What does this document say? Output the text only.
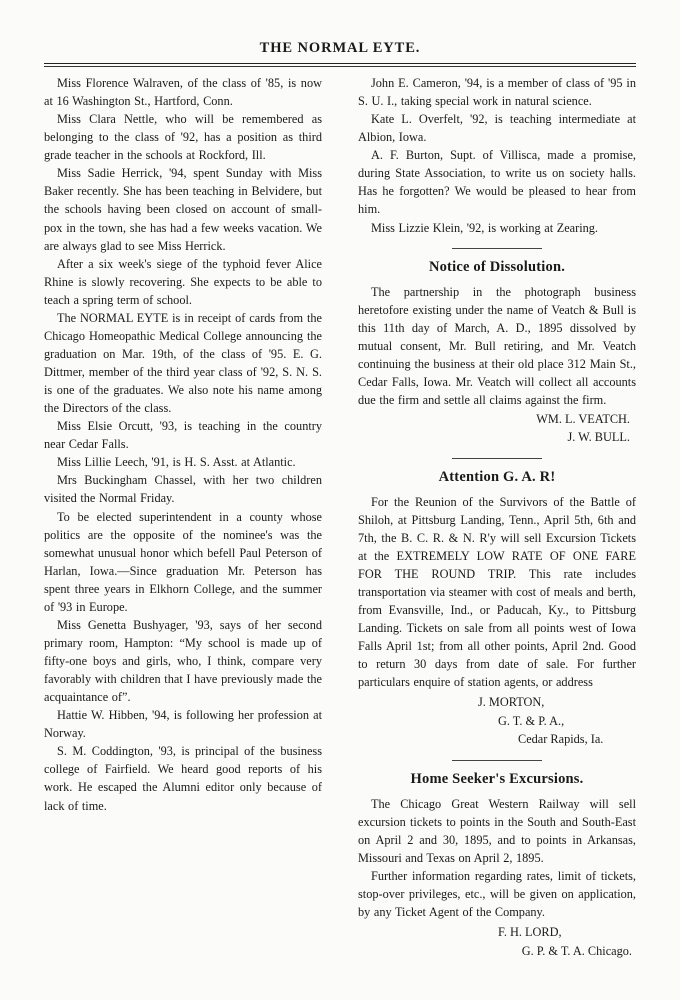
THE NORMAL EYTE.

Miss Florence Walraven, of the class of '85, is now at 16 Washington St., Hartford, Conn.

Miss Clara Nettle, who will be remembered as belonging to the class of '92, has a position as third grade teacher in the schools at Rockford, Ill.

Miss Sadie Herrick, '94, spent Sunday with Miss Baker recently. She has been teaching in Belvidere, but the schools having been closed on account of small-pox in the town, she has had a few weeks vacation. We are always glad to see Miss Herrick.

After a six week's siege of the typhoid fever Alice Rhine is slowly recovering. She expects to be able to teach a spring term of school.

The NORMAL EYTE is in receipt of cards from the Chicago Homeopathic Medical College announcing the graduation on Mar. 19th, of the class of '95. E. G. Dittmer, member of the third year class of '92, S. N. S. is one of the graduates. We also note his name among the Directors of the class.

Miss Elsie Orcutt, '93, is teaching in the country near Cedar Falls.

Miss Lillie Leech, '91, is H. S. Asst. at Atlantic.

Mrs Buckingham Chassel, with her two children visited the Normal Friday.

To be elected superintendent in a county whose politics are the opposite of the nominee's was the somewhat unusual honor which befell Paul Peterson of Harlan, Iowa.—Since graduation Mr. Peterson has spent three years in Elkhorn College, and the summer of '93 in Europe.

Miss Genetta Bushyager, '93, says of her second primary room, Hampton: “My school is made up of fifty-one boys and girls, who, I think, compare very favorably with children that I have previously made the acquaintance of”.

Hattie W. Hibben, '94, is following her profession at Norway.

S. M. Coddington, '93, is principal of the business college of Fairfield. We heard good reports of his work. He escaped the Alumni editor only because of lack of time.

John E. Cameron, '94, is a member of class of '95 in S. U. I., taking special work in natural science.

Kate L. Overfelt, '92, is teaching intermediate at Albion, Iowa.

A. F. Burton, Supt. of Villisca, made a promise, during State Association, to write us on society halls. Has he forgotten? We would be pleased to hear from him.

Miss Lizzie Klein, '92, is working at Zearing.

Notice of Dissolution.

The partnership in the photograph business heretofore existing under the name of Veatch & Bull is this 11th day of March, A. D., 1895 dissolved by mutual consent, Mr. Bull retiring, and Mr. Veatch continuing the business at their old place 312 Main St., Cedar Falls, Iowa. Mr. Veatch will collect all accounts due the firm and settle all claims against the firm.

WM. L. VEATCH.
J. W. BULL.
Attention G. A. R!

For the Reunion of the Survivors of the Battle of Shiloh, at Pittsburg Landing, Tenn., April 5th, 6th and 7th, the B. C. R. & N. R'y will sell Excursion Tickets at the EXTREMELY LOW RATE OF ONE FARE FOR THE ROUND TRIP. This rate includes transportation via steamer with cost of meals and berth, from Evansville, Ind., or Paducah, Ky., to Pittsburg Landing. Tickets on sale from all points west of Iowa Falls April 1st; from all other points, April 2nd. Good to return 30 days from date of sale. For further particulars enquire of station agents, or address

J. MORTON,
G. T. & P. A.,
Cedar Rapids, Ia.
Home Seeker's Excursions.

The Chicago Great Western Railway will sell excursion tickets to points in the South and South-East on April 2 and 30, 1895, and to points in Arkansas, Missouri and Texas on April 2, 1895.

Further information regarding rates, limit of tickets, stop-over privileges, etc., will be given on application, by any Ticket Agent of the Company.

F. H. LORD,
G. P. & T. A. Chicago.
